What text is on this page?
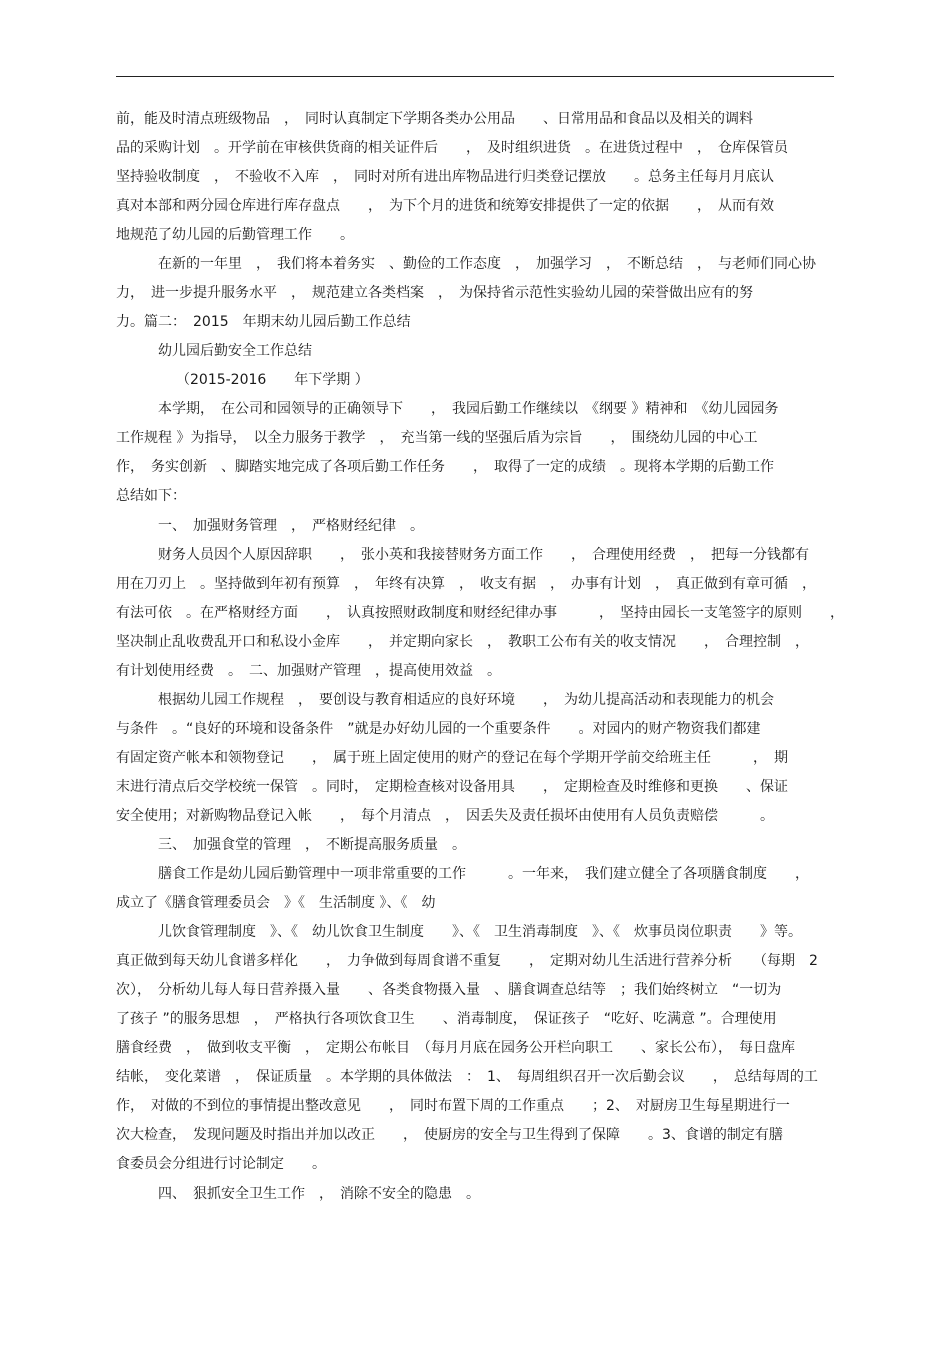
前，能及时清点班级物品　，　同时认真制定下学期各类办公用品　　、日常用品和食品以及相关的调料
品的采购计划　。开学前在审核供货商的相关证件后　　，　及时组织进货　。在进货过程中　，　仓库保管员
坚持验收制度　，　不验收不入库　，　同时对所有进出库物品进行归类登记摆放　　。总务主任每月月底认
真对本部和两分园仓库进行库存盘点　　，　为下个月的进货和统筹安排提供了一定的依据　　，　从而有效
地规范了幼儿园的后勤管理工作　　。
在新的一年里　，　我们将本着务实　、勤俭的工作态度　，　加强学习　，　不断总结　，　与老师们同心协
力，　进一步提升服务水平　，　规范建立各类档案　，　为保持省示范性实验幼儿园的荣誉做出应有的努
力。篇二：　2015　年期末幼儿园后勤工作总结
幼儿园后勤安全工作总结
（2015-2016　　年下学期 ）
本学期，　在公司和园领导的正确领导下　　，　我园后勤工作继续以　《纲要 》精神和　《幼儿园园务
工作规程 》为指导，　以全力服务于教学　，　充当第一线的坚强后盾为宗旨　　，　围绕幼儿园的中心工
作，　务实创新　、脚踏实地完成了各项后勤工作任务　　，　取得了一定的成绩　。现将本学期的后勤工作
总结如下：
一、　加强财务管理　，　严格财经纪律　。
财务人员因个人原因辞职　　，　张小英和我接替财务方面工作　　，　合理使用经费　，　把每一分钱都有
用在刀刃上　。坚持做到年初有预算　，　年终有决算　，　收支有据　，　办事有计划　，　真正做到有章可循　，
有法可依　。在严格财经方面　　，　认真按照财政制度和财经纪律办事　　　，　坚持由园长一支笔签字的原则　　，
坚决制止乱收费乱开口和私设小金库　　，　并定期向家长　，　教职工公布有关的收支情况　　，　合理控制　，
有计划使用经费　。　二、加强财产管理　，提高使用效益　。
根据幼儿园工作规程　，　要创设与教育相适应的良好环境　　，　为幼儿提高活动和表现能力的机会
与条件　。“良好的环境和设备条件　”就是办好幼儿园的一个重要条件　　。对园内的财产物资我们都建
有固定资产帐本和领物登记　　，　属于班上固定使用的财产的登记在每个学期开学前交给班主任　　　，　期
末进行清点后交学校统一保管　。同时，　定期检查核对设备用具　　，　定期检查及时维修和更换　　、保证
安全使用；对新购物品登记入帐　　，　每个月清点　，　因丢失及责任损坏由使用有人员负责赔偿　　　。
三、　加强食堂的管理　，　不断提高服务质量　。
膳食工作是幼儿园后勤管理中一项非常重要的工作　　　。一年来，　我们建立健全了各项膳食制度　　，
成立了《膳食管理委员会　》《　生活制度 》、《　幼
儿饮食管理制度　》、《　幼儿饮食卫生制度　　》、《　卫生消毒制度　》、《　炊事员岗位职责　　》等。
真正做到每天幼儿食谱多样化　　，　力争做到每周食谱不重复　　，　定期对幼儿生活进行营养分析　　（每期　2
次），　分析幼儿每人每日营养摄入量　　、各类食物摄入量　、膳食调查总结等　；我们始终树立　“一切为
了孩子 ”的服务思想　，　严格执行各项饮食卫生　　、消毒制度，　保证孩子　“吃好、吃满意 ”。合理使用
膳食经费　，　做到收支平衡　，　定期公布帐目　（每月月底在园务公开栏向职工　　、家长公布），　每日盘库
结帐，　变化菜谱　，　保证质量　。本学期的具体做法　：　1、　每周组织召开一次后勤会议　　，　总结每周的工
作，　对做的不到位的事情提出整改意见　　，　同时布置下周的工作重点　　；2、　对厨房卫生每星期进行一
次大检查，　发现问题及时指出并加以改正　　，　使厨房的安全与卫生得到了保障　　。3、食谱的制定有膳
食委员会分组进行讨论制定　　。
四、　狠抓安全卫生工作　，　消除不安全的隐患　。
